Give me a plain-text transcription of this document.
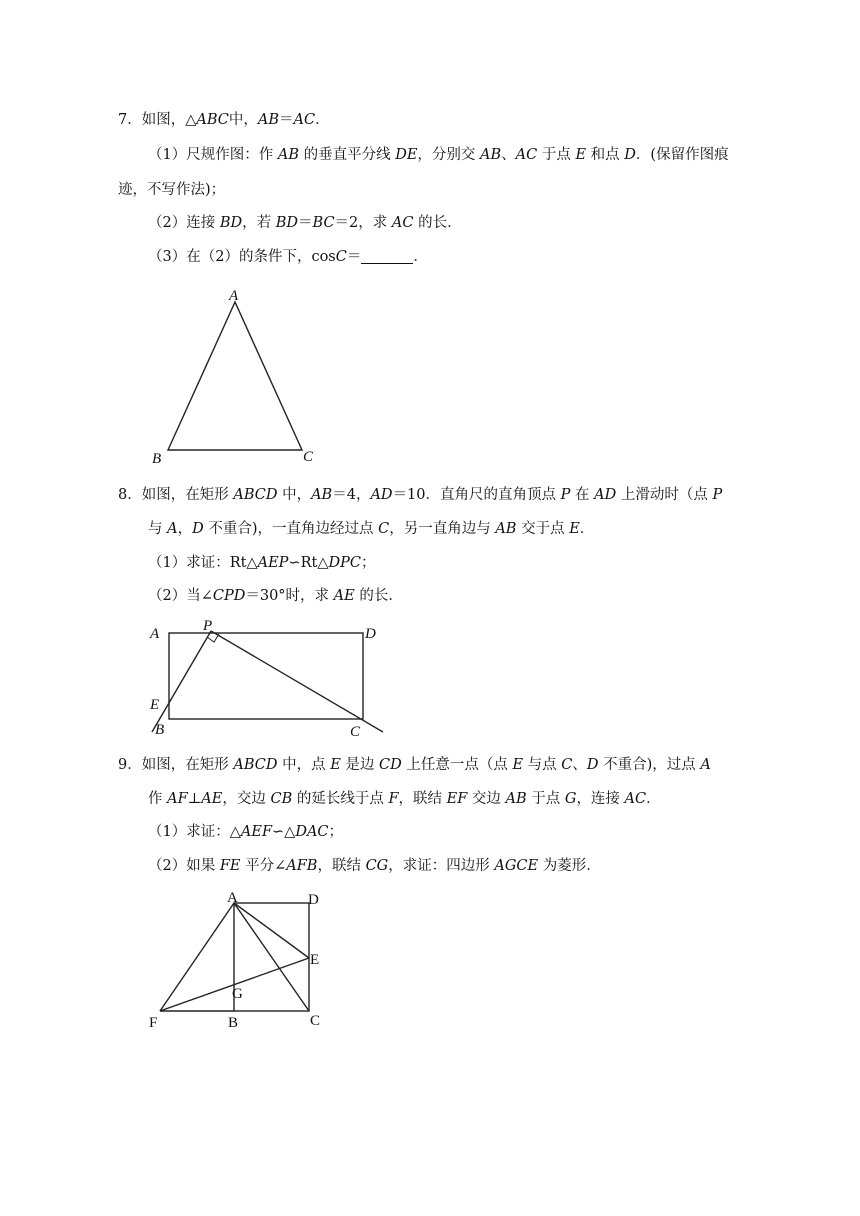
7．如图，△ABC中，AB＝AC．
（1）尺规作图：作 AB 的垂直平分线 DE，分别交 AB、AC 于点 E 和点 D．(保留作图痕
迹，不写作法)；
（2）连接 BD，若 BD＝BC＝2，求 AC 的长．
（3）在（2）的条件下，cosC＝	．
A
B	C
8．如图，在矩形 ABCD 中，AB＝4，AD＝10．直角尺的直角顶点 P 在 AD 上滑动时（点 P
与 A，D 不重合)，一直角边经过点 C，另一直角边与 AB 交于点 E．
（1）求证：Rt△AEP∽Rt△DPC；
（2）当∠CPD＝30°时，求 AE 的长．
A	P	D
E
B	C
9．如图，在矩形 ABCD 中，点 E 是边 CD 上任意一点（点 E 与点 C、D 不重合)，过点 A
作 AF⊥AE，交边 CB 的延长线于点 F，联结 EF 交边 AB 于点 G，连接 AC．
（1）求证：△AEF∽△DAC；
（2）如果 FE 平分∠AFB，联结 CG，求证：四边形 AGCE 为菱形．
A	D
E
G
F	B	C
